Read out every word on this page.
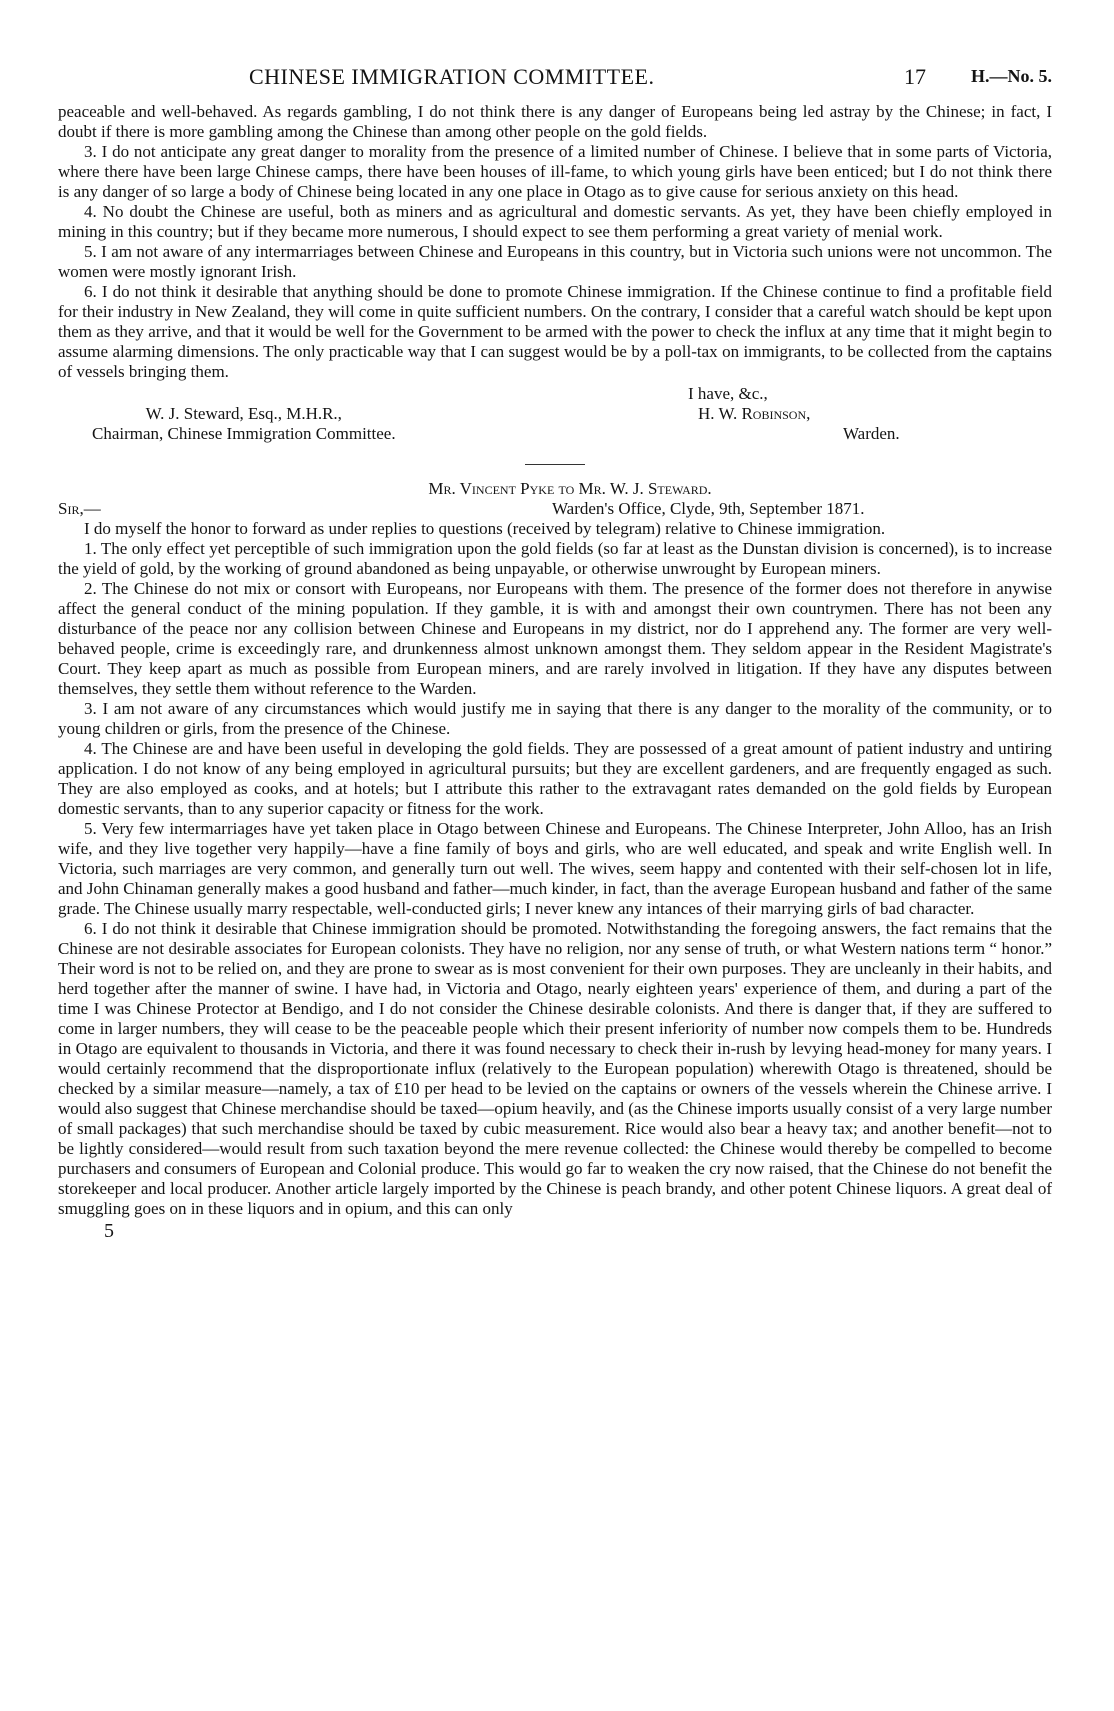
CHINESE IMMIGRATION COMMITTEE.	17	H.—No. 5.

peaceable and well-behaved. As regards gambling, I do not think there is any danger of Europeans being led astray by the Chinese; in fact, I doubt if there is more gambling among the Chinese than among other people on the gold fields.

3. I do not anticipate any great danger to morality from the presence of a limited number of Chinese. I believe that in some parts of Victoria, where there have been large Chinese camps, there have been houses of ill-fame, to which young girls have been enticed; but I do not think there is any danger of so large a body of Chinese being located in any one place in Otago as to give cause for serious anxiety on this head.

4. No doubt the Chinese are useful, both as miners and as agricultural and domestic servants. As yet, they have been chiefly employed in mining in this country; but if they became more numerous, I should expect to see them performing a great variety of menial work.

5. I am not aware of any intermarriages between Chinese and Europeans in this country, but in Victoria such unions were not uncommon. The women were mostly ignorant Irish.

6. I do not think it desirable that anything should be done to promote Chinese immigration. If the Chinese continue to find a profitable field for their industry in New Zealand, they will come in quite sufficient numbers. On the contrary, I consider that a careful watch should be kept upon them as they arrive, and that it would be well for the Government to be armed with the power to check the influx at any time that it might begin to assume alarming dimensions. The only practicable way that I can suggest would be by a poll-tax on immigrants, to be collected from the captains of vessels bringing them.

W. J. Steward, Esq., M.H.R.,
Chairman, Chinese Immigration Committee.
I have, &c.,
H. W. Robinson,
Warden.

Mr. Vincent Pyke to Mr. W. J. Steward.

Sir,—	Warden's Office, Clyde, 9th, September 1871.

I do myself the honor to forward as under replies to questions (received by telegram) relative to Chinese immigration.

1. The only effect yet perceptible of such immigration upon the gold fields (so far at least as the Dunstan division is concerned), is to increase the yield of gold, by the working of ground abandoned as being unpayable, or otherwise unwrought by European miners.

2. The Chinese do not mix or consort with Europeans, nor Europeans with them. The presence of the former does not therefore in anywise affect the general conduct of the mining population. If they gamble, it is with and amongst their own countrymen. There has not been any disturbance of the peace nor any collision between Chinese and Europeans in my district, nor do I apprehend any. The former are very well-behaved people, crime is exceedingly rare, and drunkenness almost unknown amongst them. They seldom appear in the Resident Magistrate's Court. They keep apart as much as possible from European miners, and are rarely involved in litigation. If they have any disputes between themselves, they settle them without reference to the Warden.

3. I am not aware of any circumstances which would justify me in saying that there is any danger to the morality of the community, or to young children or girls, from the presence of the Chinese.

4. The Chinese are and have been useful in developing the gold fields. They are possessed of a great amount of patient industry and untiring application. I do not know of any being employed in agricultural pursuits; but they are excellent gardeners, and are frequently engaged as such. They are also employed as cooks, and at hotels; but I attribute this rather to the extravagant rates demanded on the gold fields by European domestic servants, than to any superior capacity or fitness for the work.

5. Very few intermarriages have yet taken place in Otago between Chinese and Europeans. The Chinese Interpreter, John Alloo, has an Irish wife, and they live together very happily—have a fine family of boys and girls, who are well educated, and speak and write English well. In Victoria, such marriages are very common, and generally turn out well. The wives, seem happy and contented with their self-chosen lot in life, and John Chinaman generally makes a good husband and father—much kinder, in fact, than the average European husband and father of the same grade. The Chinese usually marry respectable, well-conducted girls; I never knew any intances of their marrying girls of bad character.

6. I do not think it desirable that Chinese immigration should be promoted. Notwithstanding the foregoing answers, the fact remains that the Chinese are not desirable associates for European colonists. They have no religion, nor any sense of truth, or what Western nations term “ honor.” Their word is not to be relied on, and they are prone to swear as is most convenient for their own purposes. They are uncleanly in their habits, and herd together after the manner of swine. I have had, in Victoria and Otago, nearly eighteen years' experience of them, and during a part of the time I was Chinese Protector at Bendigo, and I do not consider the Chinese desirable colonists. And there is danger that, if they are suffered to come in larger numbers, they will cease to be the peaceable people which their present inferiority of number now compels them to be. Hundreds in Otago are equivalent to thousands in Victoria, and there it was found necessary to check their in-rush by levying head-money for many years. I would certainly recommend that the disproportionate influx (relatively to the European population) wherewith Otago is threatened, should be checked by a similar measure—namely, a tax of £10 per head to be levied on the captains or owners of the vessels wherein the Chinese arrive. I would also suggest that Chinese merchandise should be taxed—opium heavily, and (as the Chinese imports usually consist of a very large number of small packages) that such merchandise should be taxed by cubic measurement. Rice would also bear a heavy tax; and another benefit—not to be lightly considered—would result from such taxation beyond the mere revenue collected: the Chinese would thereby be compelled to become purchasers and consumers of European and Colonial produce. This would go far to weaken the cry now raised, that the Chinese do not benefit the storekeeper and local producer. Another article largely imported by the Chinese is peach brandy, and other potent Chinese liquors. A great deal of smuggling goes on in these liquors and in opium, and this can only

5
